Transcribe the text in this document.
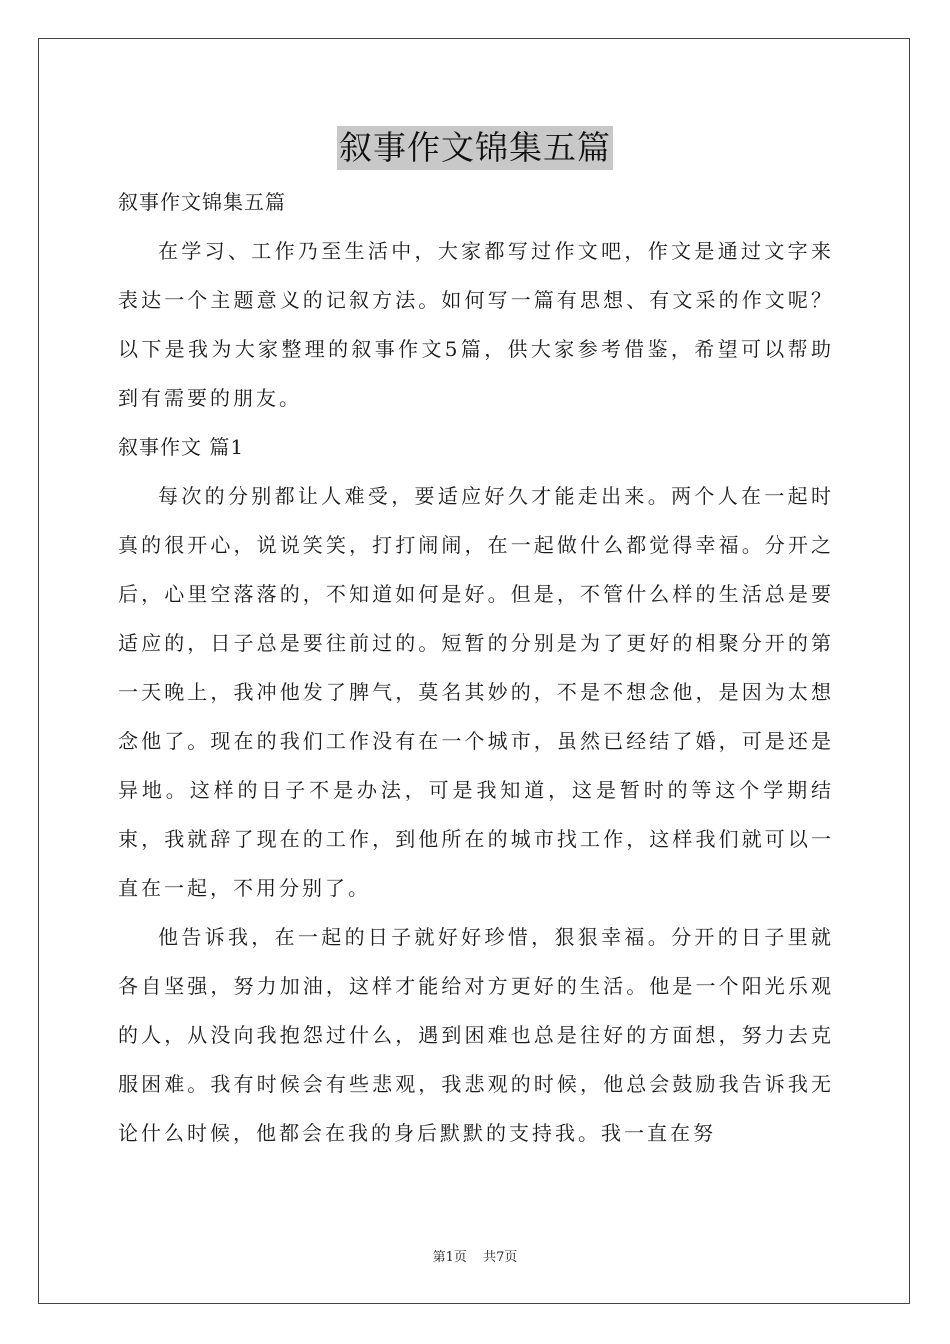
叙事作文锦集五篇

叙事作文锦集五篇

在学习、工作乃至生活中，大家都写过作文吧，作文是通过文字来表达一个主题意义的记叙方法。如何写一篇有思想、有文采的作文呢？以下是我为大家整理的叙事作文5篇，供大家参考借鉴，希望可以帮助到有需要的朋友。

叙事作文 篇1

每次的分别都让人难受，要适应好久才能走出来。两个人在一起时真的很开心，说说笑笑，打打闹闹，在一起做什么都觉得幸福。分开之后，心里空落落的，不知道如何是好。但是，不管什么样的生活总是要适应的，日子总是要往前过的。短暂的分别是为了更好的相聚分开的第一天晚上，我冲他发了脾气，莫名其妙的，不是不想念他，是因为太想念他了。现在的我们工作没有在一个城市，虽然已经结了婚，可是还是异地。这样的日子不是办法，可是我知道，这是暂时的等这个学期结束，我就辞了现在的工作，到他所在的城市找工作，这样我们就可以一直在一起，不用分别了。

他告诉我，在一起的日子就好好珍惜，狠狠幸福。分开的日子里就各自坚强，努力加油，这样才能给对方更好的生活。他是一个阳光乐观的人，从没向我抱怨过什么，遇到困难也总是往好的方面想，努力去克服困难。我有时候会有些悲观，我悲观的时候，他总会鼓励我告诉我无论什么时候，他都会在我的身后默默的支持我。我一直在努

第1页 共7页
